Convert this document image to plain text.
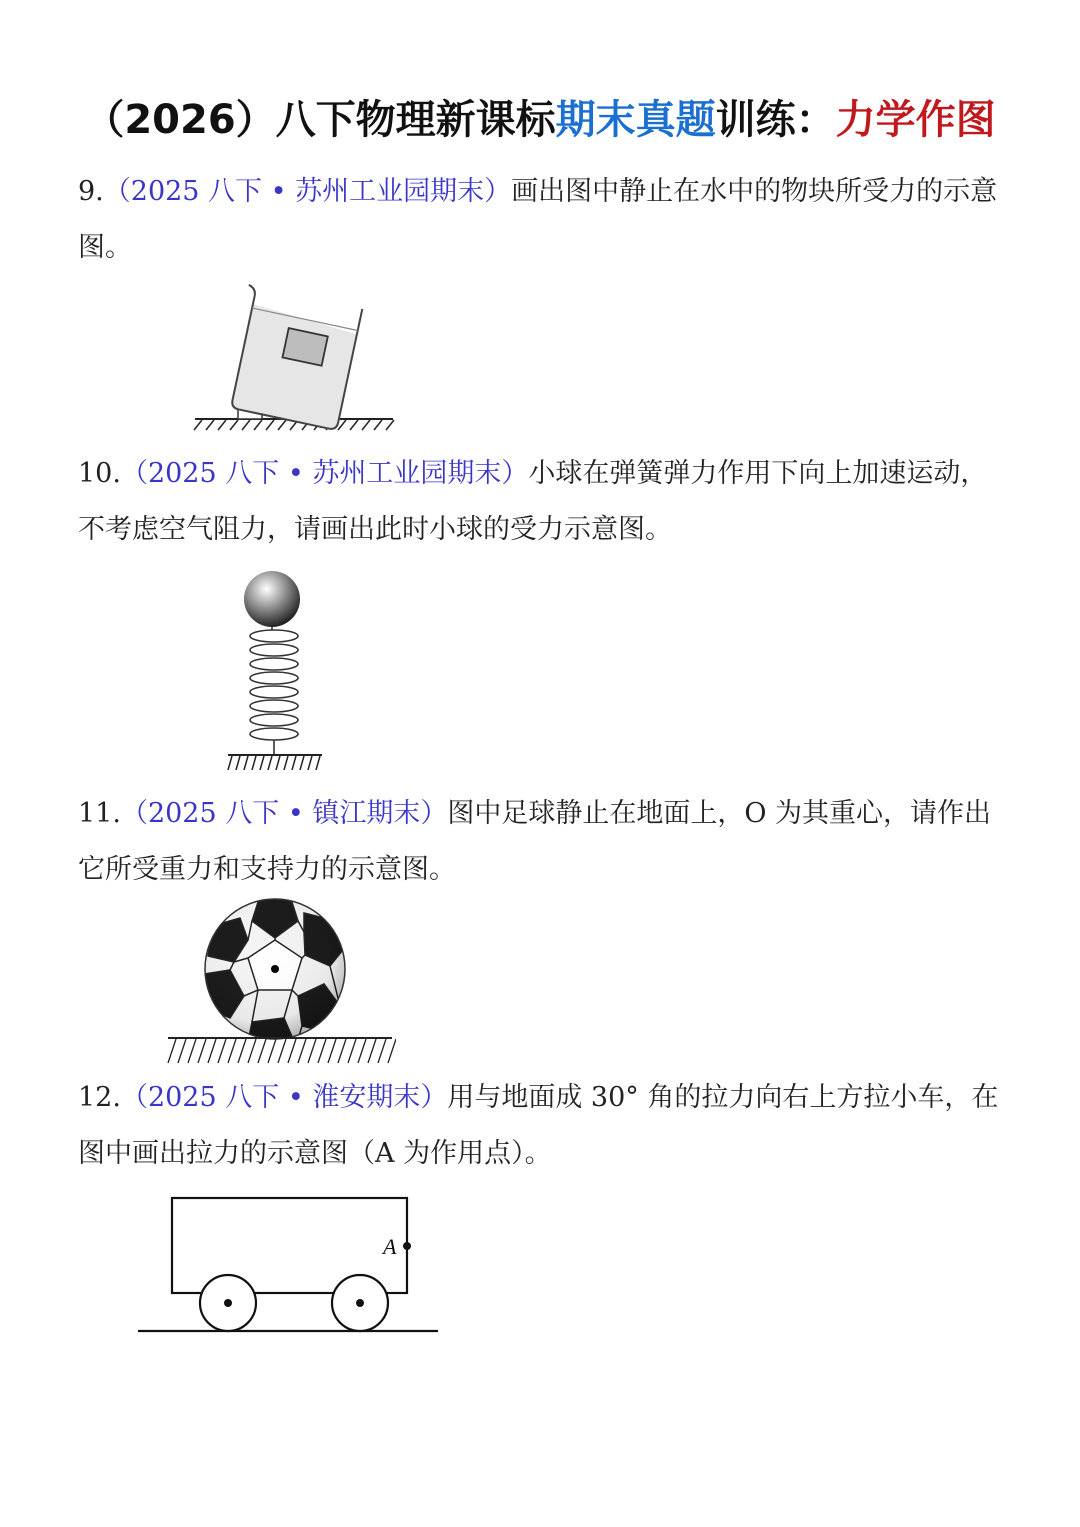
（2026）八下物理新课标期末真题训练：力学作图
9.（2025 八下 • 苏州工业园期末）画出图中静止在水中的物块所受力的示意图。
10.（2025 八下 • 苏州工业园期末）小球在弹簧弹力作用下向上加速运动，不考虑空气阻力，请画出此时小球的受力示意图。
11.（2025 八下 • 镇江期末）图中足球静止在地面上，O 为其重心，请作出它所受重力和支持力的示意图。
12.（2025 八下 • 淮安期末）用与地面成 30° 角的拉力向右上方拉小车，在图中画出拉力的示意图（A 为作用点）。
A
